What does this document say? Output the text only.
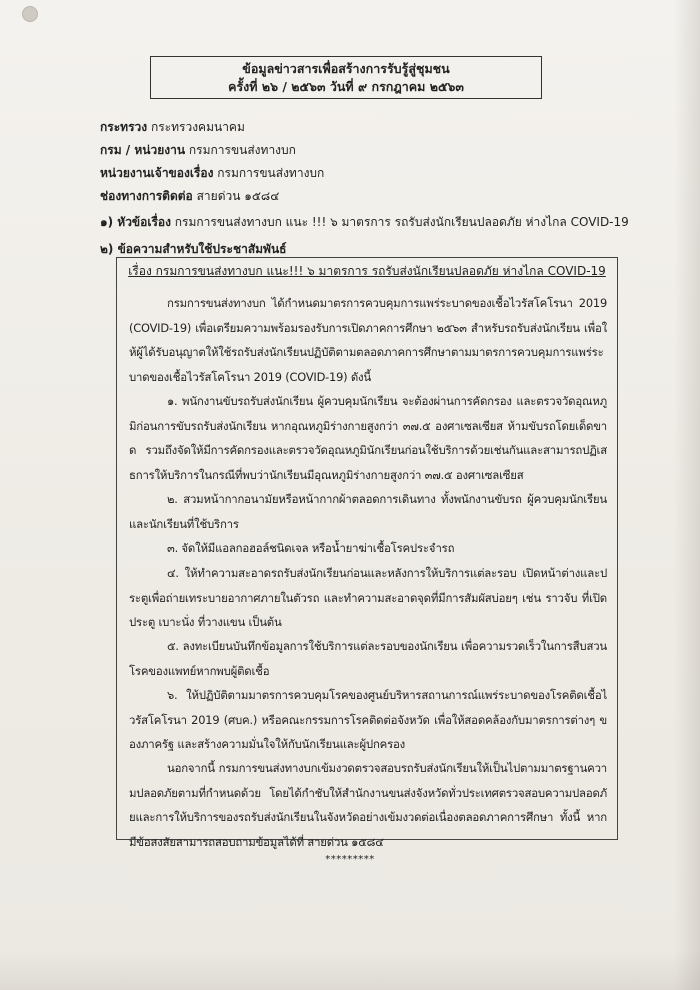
ข้อมูลข่าวสารเพื่อสร้างการรับรู้สู่ชุมชน
ครั้งที่ ๒๖ / ๒๕๖๓ วันที่ ๙ กรกฎาคม ๒๕๖๓
กระทรวง กระทรวงคมนาคม
กรม / หน่วยงาน กรมการขนส่งทางบก
หน่วยงานเจ้าของเรื่อง กรมการขนส่งทางบก
ช่องทางการติดต่อ สายด่วน ๑๕๘๔
๑) หัวข้อเรื่อง กรมการขนส่งทางบก แนะ !!! ๖ มาตรการ รถรับส่งนักเรียนปลอดภัย ห่างไกล COVID-19
๒) ข้อความสำหรับใช้ประชาสัมพันธ์
เรื่อง กรมการขนส่งทางบก แนะ!!! ๖ มาตรการ รถรับส่งนักเรียนปลอดภัย ห่างไกล COVID-19
กรมการขนส่งทางบก ได้กำหนดมาตรการควบคุมการแพร่ระบาดของเชื้อไวรัสโคโรนา 2019 (COVID-19) เพื่อเตรียมความพร้อมรองรับการเปิดภาคการศึกษา ๒๕๖๓ สำหรับรถรับส่งนักเรียน เพื่อให้ผู้ได้รับอนุญาตให้ใช้รถรับส่งนักเรียนปฏิบัติตามตลอดภาคการศึกษาตามมาตรการควบคุมการแพร่ระบาดของเชื้อไวรัสโคโรนา 2019 (COVID-19) ดังนี้
๑. พนักงานขับรถรับส่งนักเรียน ผู้ควบคุมนักเรียน จะต้องผ่านการคัดกรอง และตรวจวัดอุณหภูมิก่อนการขับรถรับส่งนักเรียน หากอุณหภูมิร่างกายสูงกว่า ๓๗.๕ องศาเซลเซียส ห้ามขับรถโดยเด็ดขาด รวมถึงจัดให้มีการคัดกรองและตรวจวัดอุณหภูมินักเรียนก่อนใช้บริการด้วยเช่นกันและสามารถปฏิเสธการให้บริการในกรณีที่พบว่านักเรียนมีอุณหภูมิร่างกายสูงกว่า ๓๗.๕ องศาเซลเซียส
๒. สวมหน้ากากอนามัยหรือหน้ากากผ้าตลอดการเดินทาง ทั้งพนักงานขับรถ ผู้ควบคุมนักเรียน และนักเรียนที่ใช้บริการ
๓. จัดให้มีแอลกอฮอล์ชนิดเจล หรือน้ำยาฆ่าเชื้อโรคประจำรถ
๔. ให้ทำความสะอาดรถรับส่งนักเรียนก่อนและหลังการให้บริการแต่ละรอบ เปิดหน้าต่างและประตูเพื่อถ่ายเทระบายอากาศภายในตัวรถ และทำความสะอาดจุดที่มีการสัมผัสบ่อยๆ เช่น ราวจับ ที่เปิดประตู เบาะนั่ง ที่วางแขน เป็นต้น
๕. ลงทะเบียนบันทึกข้อมูลการใช้บริการแต่ละรอบของนักเรียน เพื่อความรวดเร็วในการสืบสวนโรคของแพทย์หากพบผู้ติดเชื้อ
๖. ให้ปฏิบัติตามมาตรการควบคุมโรคของศูนย์บริหารสถานการณ์แพร่ระบาดของโรคติดเชื้อไวรัสโคโรนา 2019 (ศบค.) หรือคณะกรรมการโรคติดต่อจังหวัด เพื่อให้สอดคล้องกับมาตรการต่างๆ ของภาครัฐ และสร้างความมั่นใจให้กับนักเรียนและผู้ปกครอง
นอกจากนี้ กรมการขนส่งทางบกเข้มงวดตรวจสอบรถรับส่งนักเรียนให้เป็นไปตามมาตรฐานความปลอดภัยตามที่กำหนดด้วย โดยได้กำชับให้สำนักงานขนส่งจังหวัดทั่วประเทศตรวจสอบความปลอดภัยและการให้บริการของรถรับส่งนักเรียนในจังหวัดอย่างเข้มงวดต่อเนื่องตลอดภาคการศึกษา ทั้งนี้ หากมีข้อสงสัยสามารถสอบถามข้อมูลได้ที่ สายด่วน ๑๕๘๔
*********
